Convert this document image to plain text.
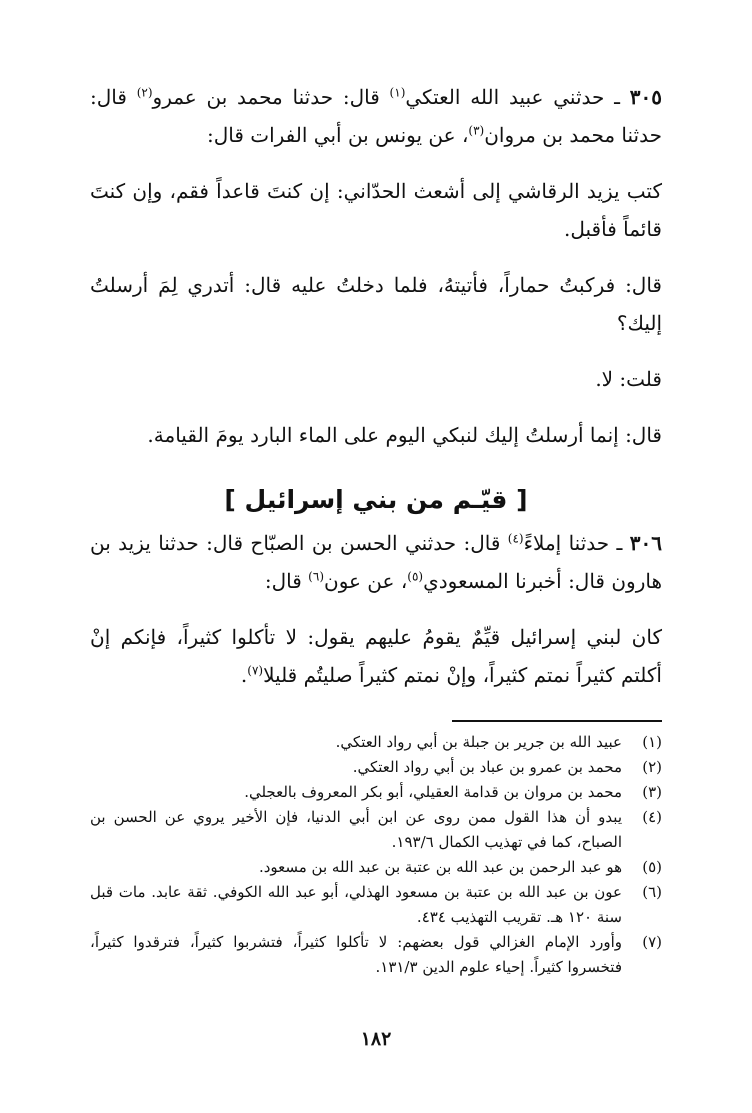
٣٠٥ ـ حدثني عبيد الله العتكي$^{(١)}$ قال: حدثنا محمد بن عمرو$^{(٢)}$ قال: حدثنا محمد بن مروان$^{(٣)}$، عن يونس بن أبي الفرات قال:

كتب يزيد الرقاشي إلى أشعث الحدّاني: إن كنتَ قاعداً فقم، وإن كنتَ قائماً فأقبل.

قال: فركبتُ حماراً، فأتيتهُ، فلما دخلتُ عليه قال: أتدري لِمَ أرسلتُ إليك؟

قلت: لا.

قال: إنما أرسلتُ إليك لنبكي اليوم على الماء البارد يومَ القيامة.

[ قيّـم من بني إسرائيل ]

٣٠٦ ـ حدثنا إملاءً$^{(٤)}$ قال: حدثني الحسن بن الصبّاح قال: حدثنا يزيد بن هارون قال: أخبرنا المسعودي$^{(٥)}$، عن عون$^{(٦)}$ قال:

كان لبني إسرائيل قيِّمٌ يقومُ عليهم يقول: لا تأكلوا كثيراً، فإنكم إنْ أكلتم كثيراً نمتم كثيراً، وإنْ نمتم كثيراً صليتُم قليلا$^{(٧)}$.

(١)
عبيد الله بن جرير بن جبلة بن أبي رواد العتكي.
(٢)
محمد بن عمرو بن عباد بن أبي رواد العتكي.
(٣)
محمد بن مروان بن قدامة العقيلي، أبو بكر المعروف بالعجلي.
(٤)
يبدو أن هذا القول ممن روى عن ابن أبي الدنيا، فإن الأخير يروي عن الحسن بن الصباح، كما في تهذيب الكمال ١٩٣/٦.
(٥)
هو عبد الرحمن بن عبد الله بن عتبة بن عبد الله بن مسعود.
(٦)
عون بن عبد الله بن عتبة بن مسعود الهذلي، أبو عبد الله الكوفي. ثقة عابد. مات قبل سنة ١٢٠ هـ. تقريب التهذيب ٤٣٤.
(٧)
وأورد الإمام الغزالي قول بعضهم: لا تأكلوا كثيراً، فتشربوا كثيراً، فترقدوا كثيراً، فتخسروا كثيراً. إحياء علوم الدين ١٣١/٣.
١٨٢
